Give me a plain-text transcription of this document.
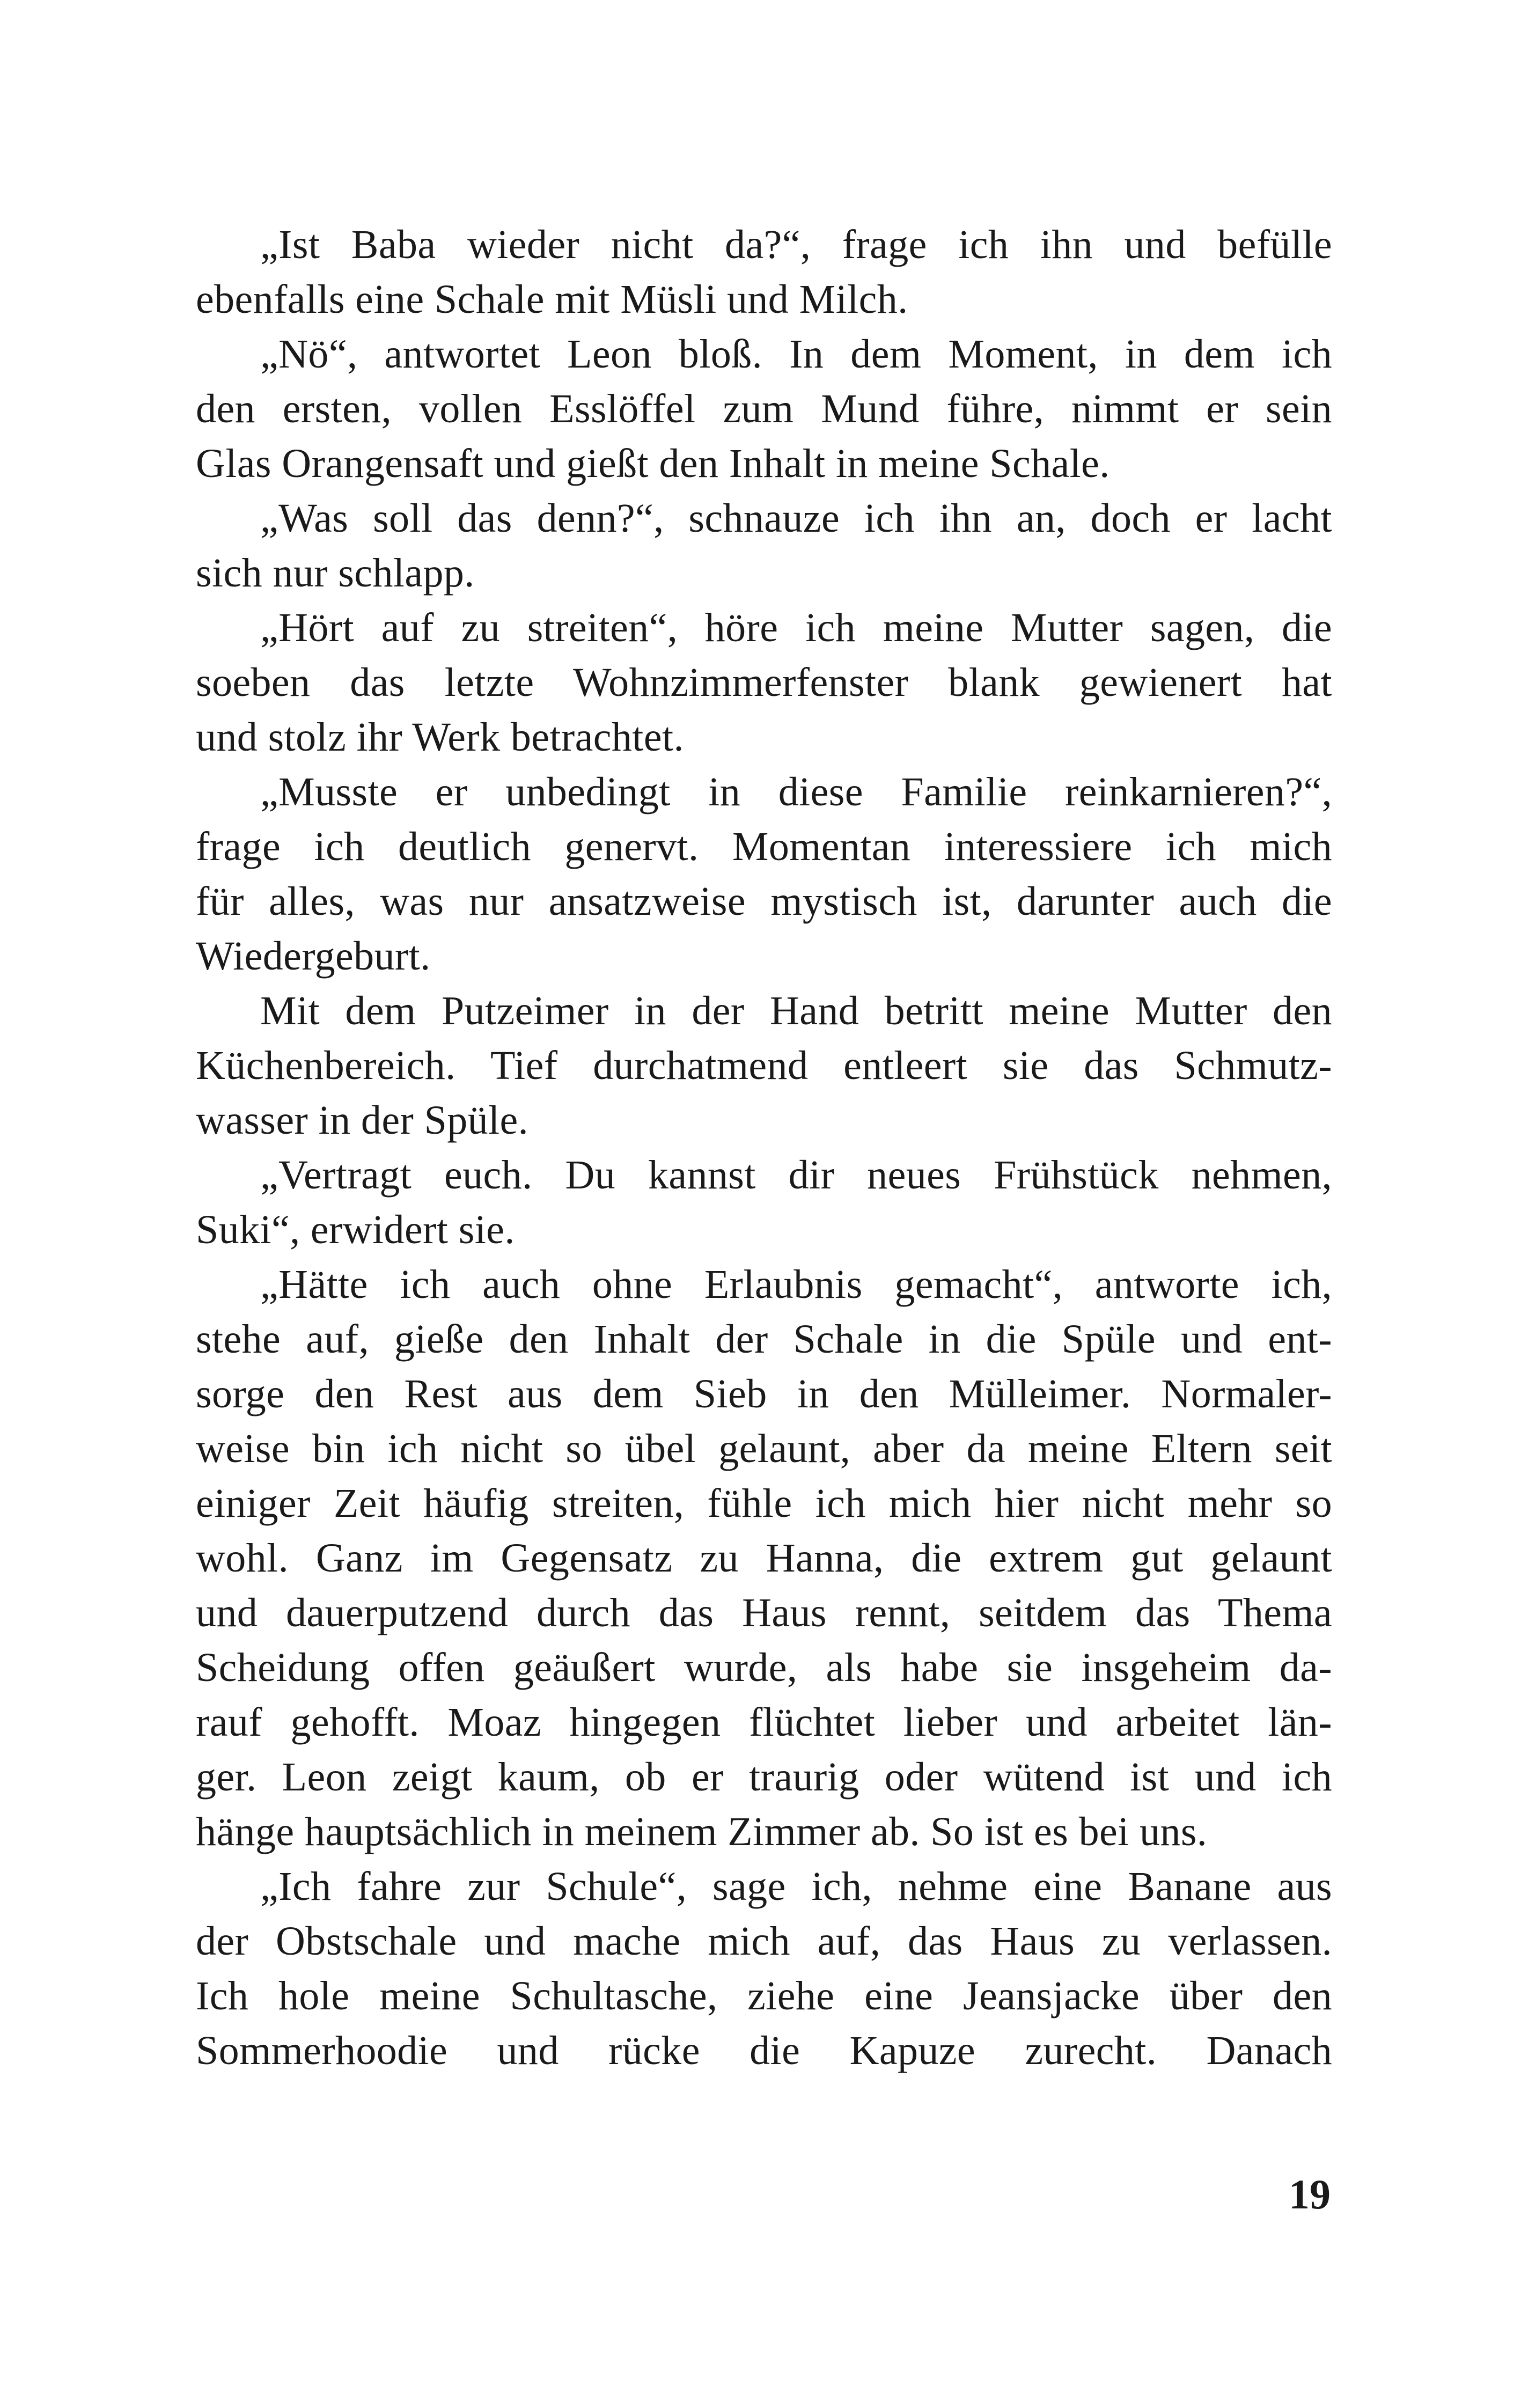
„Ist Baba wieder nicht da?“, frage ich ihn und befülle
ebenfalls eine Schale mit Müsli und Milch.
„Nö“, antwortet Leon bloß. In dem Moment, in dem ich
den ersten, vollen Esslöffel zum Mund führe, nimmt er sein
Glas Orangensaft und gießt den Inhalt in meine Schale.
„Was soll das denn?“, schnauze ich ihn an, doch er lacht
sich nur schlapp.
„Hört auf zu streiten“, höre ich meine Mutter sagen, die
soeben das letzte Wohnzimmerfenster blank gewienert hat
und stolz ihr Werk betrachtet.
„Musste er unbedingt in diese Familie reinkarnieren?“,
frage ich deutlich genervt. Momentan interessiere ich mich
für alles, was nur ansatzweise mystisch ist, darunter auch die
Wiedergeburt.
Mit dem Putzeimer in der Hand betritt meine Mutter den
Küchenbereich. Tief durchatmend entleert sie das Schmutz-
wasser in der Spüle.
„Vertragt euch. Du kannst dir neues Frühstück nehmen,
Suki“, erwidert sie.
„Hätte ich auch ohne Erlaubnis gemacht“, antworte ich,
stehe auf, gieße den Inhalt der Schale in die Spüle und ent-
sorge den Rest aus dem Sieb in den Mülleimer. Normaler-
weise bin ich nicht so übel gelaunt, aber da meine Eltern seit
einiger Zeit häufig streiten, fühle ich mich hier nicht mehr so
wohl. Ganz im Gegensatz zu Hanna, die extrem gut gelaunt
und dauerputzend durch das Haus rennt, seitdem das Thema
Scheidung offen geäußert wurde, als habe sie insgeheim da-
rauf gehofft. Moaz hingegen flüchtet lieber und arbeitet län-
ger. Leon zeigt kaum, ob er traurig oder wütend ist und ich
hänge hauptsächlich in meinem Zimmer ab. So ist es bei uns.
„Ich fahre zur Schule“, sage ich, nehme eine Banane aus
der Obstschale und mache mich auf, das Haus zu verlassen.
Ich hole meine Schultasche, ziehe eine Jeansjacke über den
Sommerhoodie und rücke die Kapuze zurecht. Danach
19
